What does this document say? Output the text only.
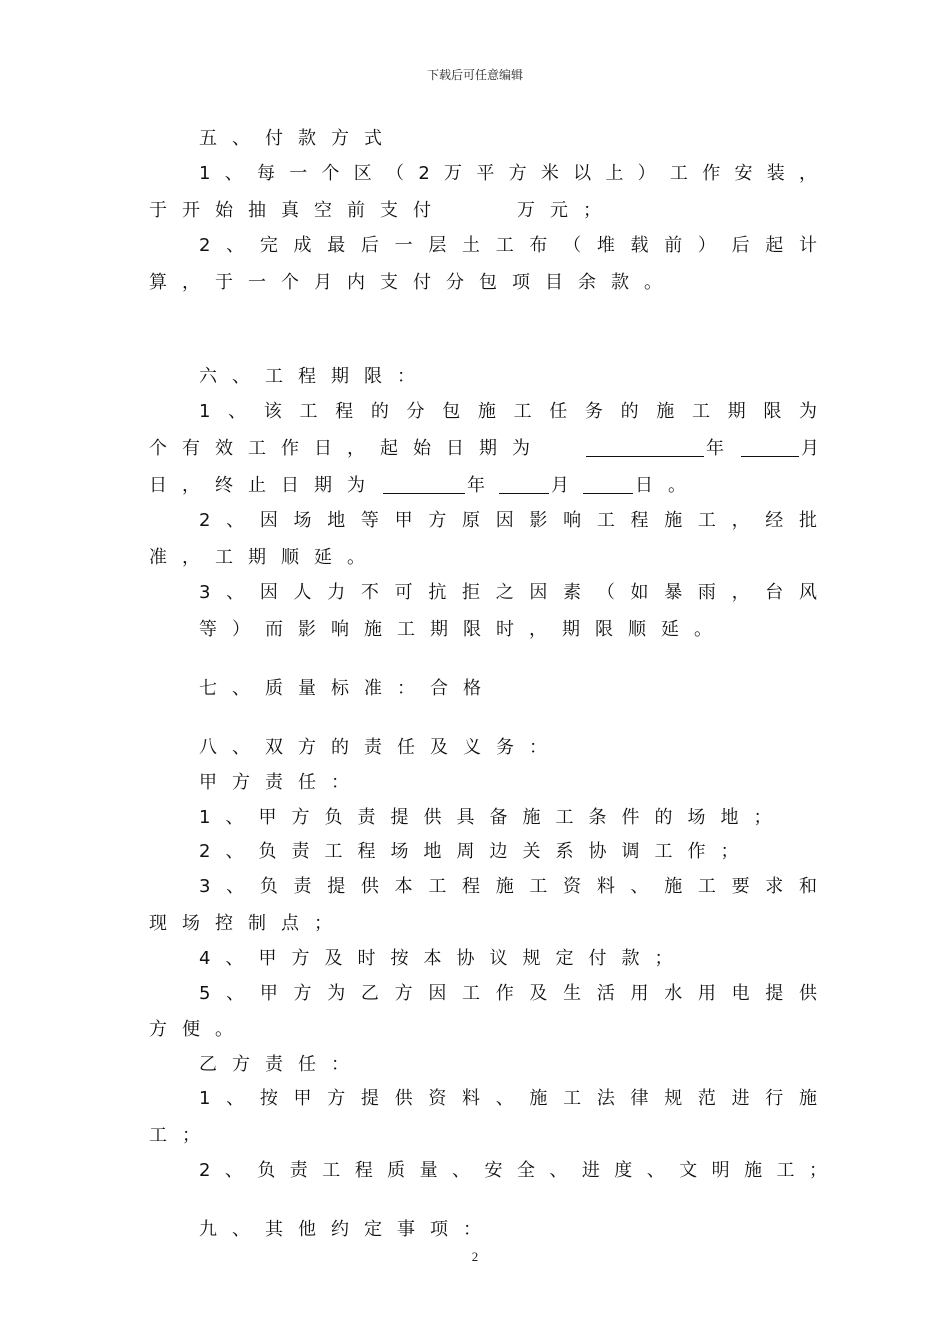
下载后可任意编辑
五、付款方式
1、每一个区（2万平方米以上）工作安装，
于开始抽真空前支付	万元；
2、完成最后一层土工布（堆载前）后起计
算，于一个月内支付分包项目余款。
六、工程期限：
1、该工程的分包施工任务的施工期限为
个有效工作日，起始日期为	年	月
日，终止日期为	年	月	日。
2、因场地等甲方原因影响工程施工，经批
准，工期顺延。
3、因人力不可抗拒之因素（如暴雨，台风
等）而影响施工期限时，期限顺延。
七、质量标准：合格
八、双方的责任及义务：
甲方责任：
1、甲方负责提供具备施工条件的场地；
2、负责工程场地周边关系协调工作；
3、负责提供本工程施工资料、施工要求和
现场控制点；
4、甲方及时按本协议规定付款；
5、甲方为乙方因工作及生活用水用电提供
方便。
乙方责任：
1、按甲方提供资料、施工法律规范进行施
工；
2、负责工程质量、安全、进度、文明施工；
九、其他约定事项：
2
